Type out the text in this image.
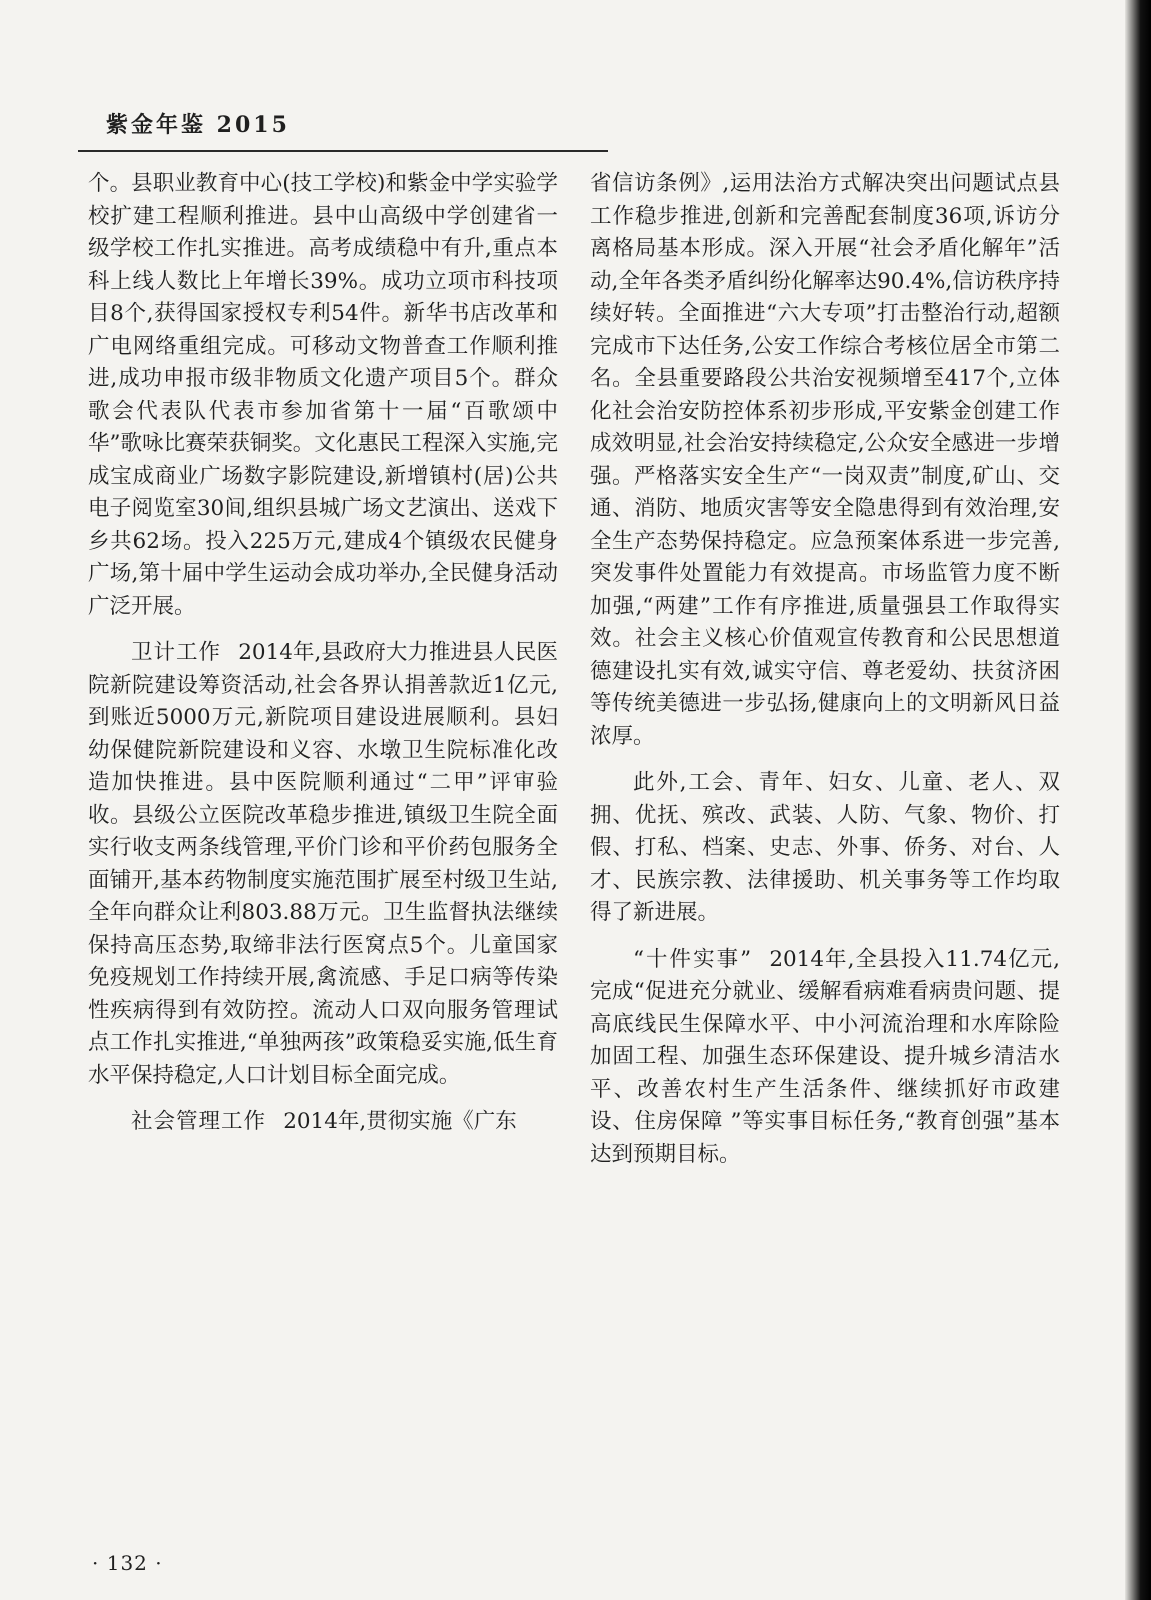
紫金年鉴 2015

个。县职业教育中心(技工学校)和紫金中学实验学校扩建工程顺利推进。县中山高级中学创建省一级学校工作扎实推进。高考成绩稳中有升,重点本科上线人数比上年增长39%。成功立项市科技项目8个,获得国家授权专利54件。新华书店改革和广电网络重组完成。可移动文物普查工作顺利推进,成功申报市级非物质文化遗产项目5个。群众歌会代表队代表市参加省第十一届“百歌颂中华”歌咏比赛荣获铜奖。文化惠民工程深入实施,完成宝成商业广场数字影院建设,新增镇村(居)公共电子阅览室30间,组织县城广场文艺演出、送戏下乡共62场。投入225万元,建成4个镇级农民健身广场,第十届中学生运动会成功举办,全民健身活动广泛开展。

卫计工作 2014年,县政府大力推进县人民医院新院建设筹资活动,社会各界认捐善款近1亿元,到账近5000万元,新院项目建设进展顺利。县妇幼保健院新院建设和义容、水墩卫生院标准化改造加快推进。县中医院顺利通过“二甲”评审验收。县级公立医院改革稳步推进,镇级卫生院全面实行收支两条线管理,平价门诊和平价药包服务全面铺开,基本药物制度实施范围扩展至村级卫生站,全年向群众让利803.88万元。卫生监督执法继续保持高压态势,取缔非法行医窝点5个。儿童国家免疫规划工作持续开展,禽流感、手足口病等传染性疾病得到有效防控。流动人口双向服务管理试点工作扎实推进,“单独两孩”政策稳妥实施,低生育水平保持稳定,人口计划目标全面完成。

社会管理工作 2014年,贯彻实施《广东

省信访条例》,运用法治方式解决突出问题试点县工作稳步推进,创新和完善配套制度36项,诉访分离格局基本形成。深入开展“社会矛盾化解年”活动,全年各类矛盾纠纷化解率达90.4%,信访秩序持续好转。全面推进“六大专项”打击整治行动,超额完成市下达任务,公安工作综合考核位居全市第二名。全县重要路段公共治安视频增至417个,立体化社会治安防控体系初步形成,平安紫金创建工作成效明显,社会治安持续稳定,公众安全感进一步增强。严格落实安全生产“一岗双责”制度,矿山、交通、消防、地质灾害等安全隐患得到有效治理,安全生产态势保持稳定。应急预案体系进一步完善,突发事件处置能力有效提高。市场监管力度不断加强,“两建”工作有序推进,质量强县工作取得实效。社会主义核心价值观宣传教育和公民思想道德建设扎实有效,诚实守信、尊老爱幼、扶贫济困等传统美德进一步弘扬,健康向上的文明新风日益浓厚。

此外,工会、青年、妇女、儿童、老人、双拥、优抚、殡改、武装、人防、气象、物价、打假、打私、档案、史志、外事、侨务、对台、人才、民族宗教、法律援助、机关事务等工作均取得了新进展。

“十件实事” 2014年,全县投入11.74亿元,完成“促进充分就业、缓解看病难看病贵问题、提高底线民生保障水平、中小河流治理和水库除险加固工程、加强生态环保建设、提升城乡清洁水平、改善农村生产生活条件、继续抓好市政建设、住房保障 ”等实事目标任务,“教育创强”基本达到预期目标。

· 132 ·
